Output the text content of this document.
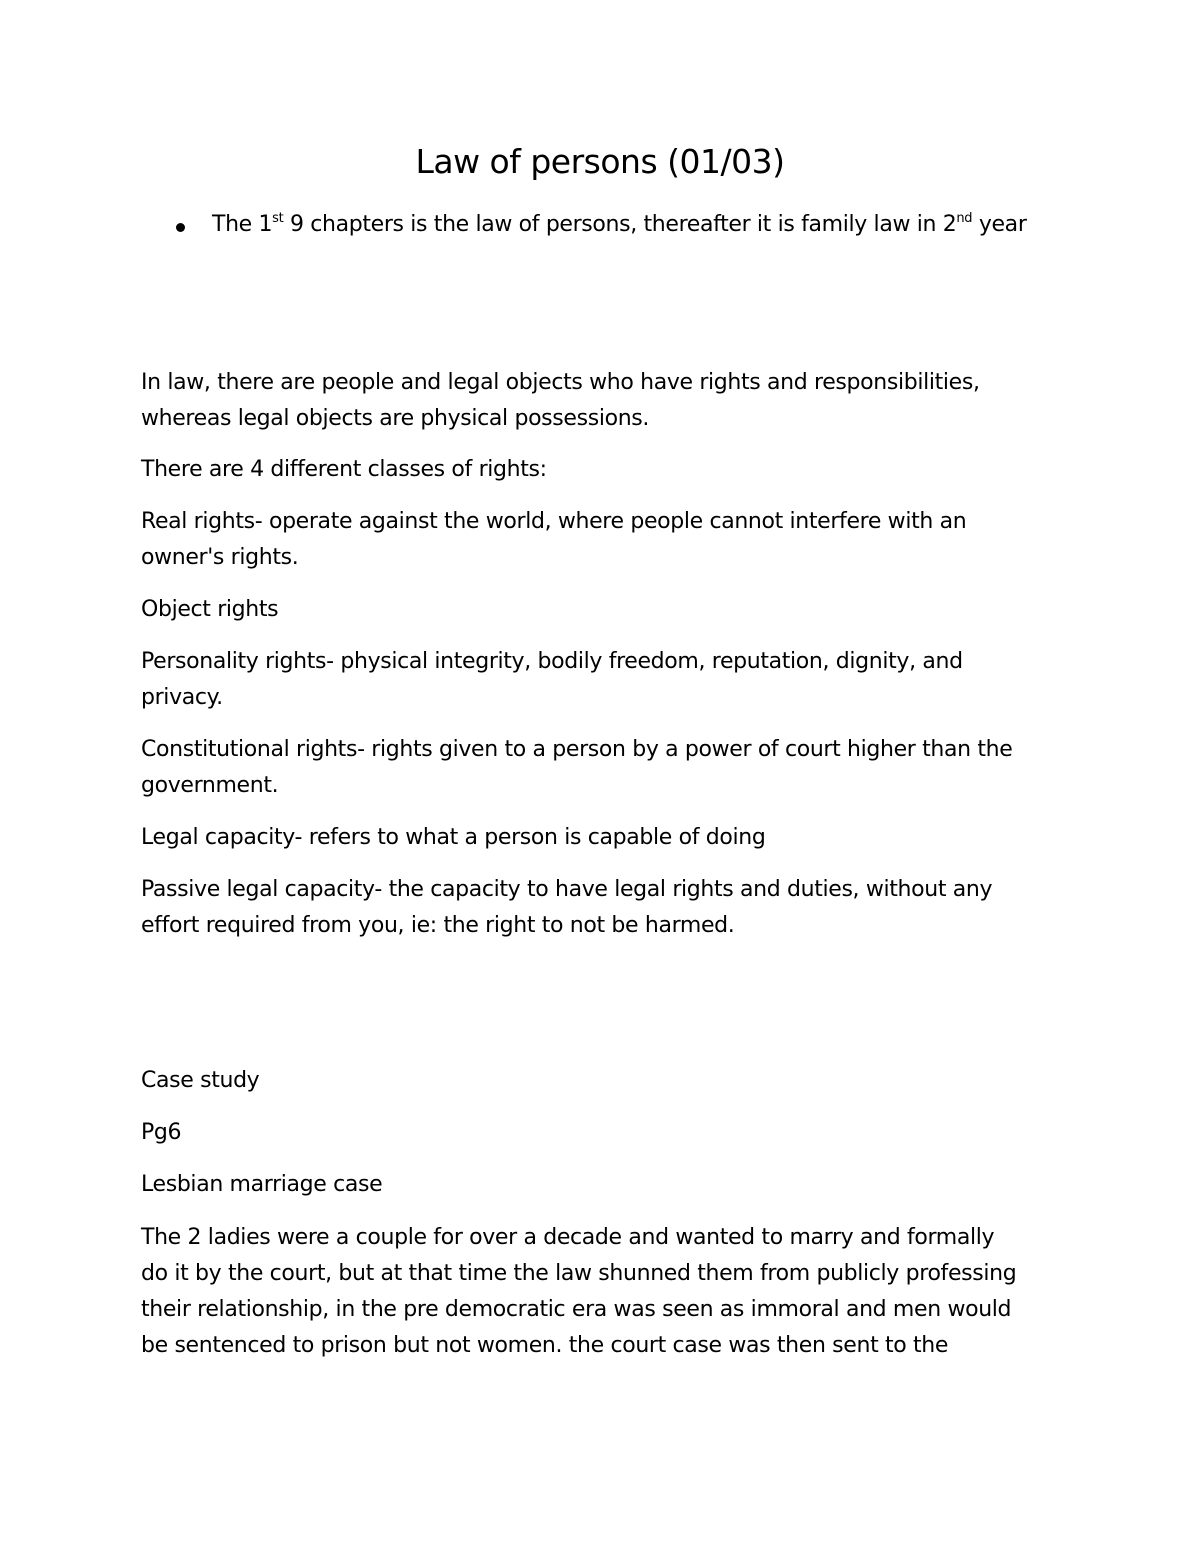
Law of persons (01/03)
The 1st 9 chapters is the law of persons, thereafter it is family law in 2nd year
In law, there are people and legal objects who have rights and responsibilities,
whereas legal objects are physical possessions.
There are 4 different classes of rights:
Real rights- operate against the world, where people cannot interfere with an
owner's rights.
Object rights
Personality rights- physical integrity, bodily freedom, reputation, dignity, and
privacy.
Constitutional rights- rights given to a person by a power of court higher than the
government.
Legal capacity- refers to what a person is capable of doing
Passive legal capacity- the capacity to have legal rights and duties, without any
effort required from you, ie: the right to not be harmed.
Case study
Pg6
Lesbian marriage case
The 2 ladies were a couple for over a decade and wanted to marry and formally
do it by the court, but at that time the law shunned them from publicly professing
their relationship, in the pre democratic era was seen as immoral and men would
be sentenced to prison but not women. the court case was then sent to the
